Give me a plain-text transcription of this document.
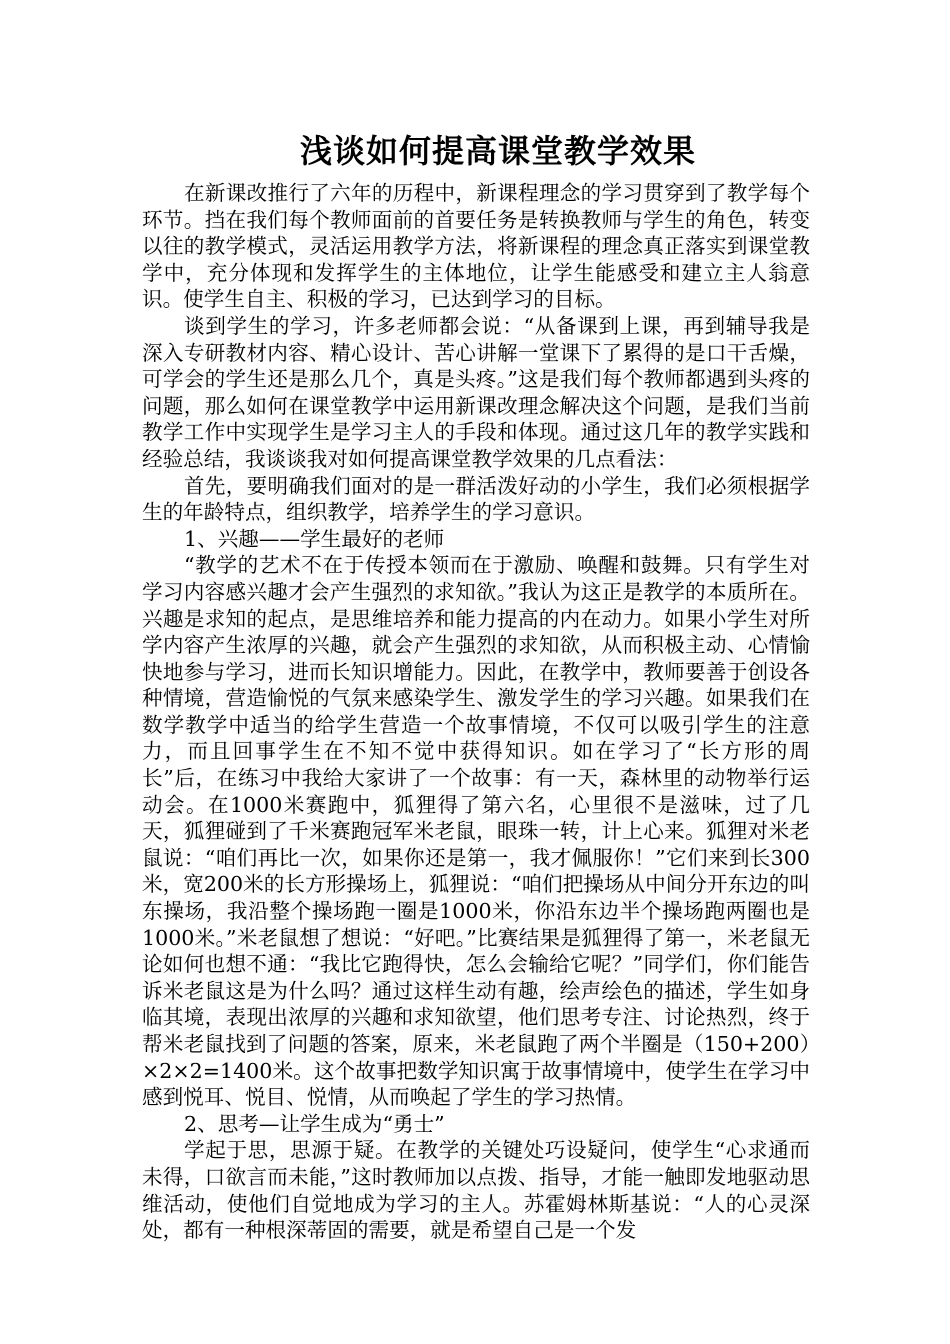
浅谈如何提高课堂教学效果

在新课改推行了六年的历程中，新课程理念的学习贯穿到了教学每个环节。挡在我们每个教师面前的首要任务是转换教师与学生的角色，转变以往的教学模式，灵活运用教学方法，将新课程的理念真正落实到课堂教学中，充分体现和发挥学生的主体地位，让学生能感受和建立主人翁意识。使学生自主、积极的学习，已达到学习的目标。

谈到学生的学习，许多老师都会说：“从备课到上课，再到辅导我是深入专研教材内容、精心设计、苦心讲解一堂课下了累得的是口干舌燥，可学会的学生还是那么几个，真是头疼。”这是我们每个教师都遇到头疼的问题，那么如何在课堂教学中运用新课改理念解决这个问题，是我们当前教学工作中实现学生是学习主人的手段和体现。通过这几年的教学实践和经验总结，我谈谈我对如何提高课堂教学效果的几点看法：

首先，要明确我们面对的是一群活泼好动的小学生，我们必须根据学生的年龄特点，组织教学，培养学生的学习意识。

1、兴趣——学生最好的老师

“教学的艺术不在于传授本领而在于激励、唤醒和鼓舞。只有学生对学习内容感兴趣才会产生强烈的求知欲。”我认为这正是教学的本质所在。兴趣是求知的起点，是思维培养和能力提高的内在动力。如果小学生对所学内容产生浓厚的兴趣，就会产生强烈的求知欲，从而积极主动、心情愉快地参与学习，进而长知识增能力。因此，在教学中，教师要善于创设各种情境，营造愉悦的气氛来感染学生、激发学生的学习兴趣。如果我们在数学教学中适当的给学生营造一个故事情境，不仅可以吸引学生的注意力，而且回事学生在不知不觉中获得知识。如在学习了“长方形的周长”后，在练习中我给大家讲了一个故事：有一天，森林里的动物举行运动会。在1000米赛跑中，狐狸得了第六名，心里很不是滋味，过了几天，狐狸碰到了千米赛跑冠军米老鼠，眼珠一转，计上心来。狐狸对米老鼠说：“咱们再比一次，如果你还是第一，我才佩服你！”它们来到长300米，宽200米的长方形操场上，狐狸说：“咱们把操场从中间分开东边的叫东操场，我沿整个操场跑一圈是1000米，你沿东边半个操场跑两圈也是1000米。”米老鼠想了想说：“好吧。”比赛结果是狐狸得了第一，米老鼠无论如何也想不通：“我比它跑得快，怎么会输给它呢？”同学们，你们能告诉米老鼠这是为什么吗？通过这样生动有趣，绘声绘色的描述，学生如身临其境，表现出浓厚的兴趣和求知欲望，他们思考专注、讨论热烈，终于帮米老鼠找到了问题的答案，原来，米老鼠跑了两个半圈是（150+200）×2×2=1400米。这个故事把数学知识寓于故事情境中，使学生在学习中感到悦耳、悦目、悦情，从而唤起了学生的学习热情。

2、思考—让学生成为“勇士”

学起于思，思源于疑。在教学的关键处巧设疑问，使学生“心求通而未得，口欲言而未能，”这时教师加以点拨、指导，才能一触即发地驱动思维活动，使他们自觉地成为学习的主人。苏霍姆林斯基说：“人的心灵深处，都有一种根深蒂固的需要，就是希望自己是一个发
